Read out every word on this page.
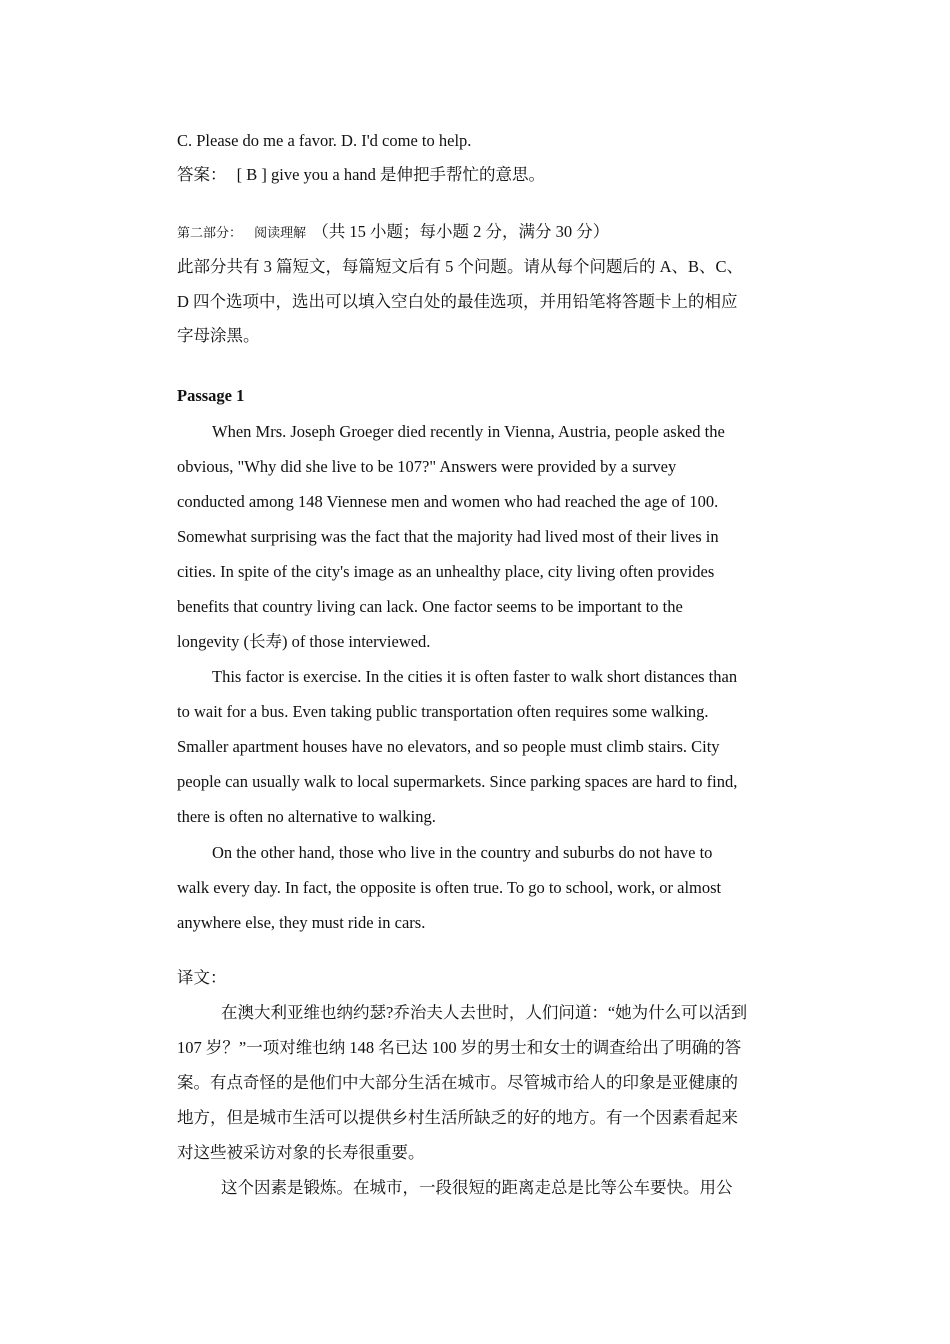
C. Please do me a favor. D. I'd come to help.
答案： [ B ] give you a hand 是伸把手帮忙的意思。
第二部分： 阅读理解 （共 15 小题；每小题 2 分，满分 30 分）
此部分共有 3 篇短文，每篇短文后有 5 个问题。请从每个问题后的 A、B、C、
D 四个选项中，选出可以填入空白处的最佳选项，并用铅笔将答题卡上的相应
字母涂黑。
Passage 1
When Mrs. Joseph Groeger died recently in Vienna, Austria, people asked the
obvious, "Why did she live to be 107?" Answers were provided by a survey
conducted among 148 Viennese men and women who had reached the age of 100.
Somewhat surprising was the fact that the majority had lived most of their lives in
cities. In spite of the city's image as an unhealthy place, city living often provides
benefits that country living can lack. One factor seems to be important to the
longevity (长寿) of those interviewed.
This factor is exercise. In the cities it is often faster to walk short distances than
to wait for a bus. Even taking public transportation often requires some walking.
Smaller apartment houses have no elevators, and so people must climb stairs. City
people can usually walk to local supermarkets. Since parking spaces are hard to find,
there is often no alternative to walking.
On the other hand, those who live in the country and suburbs do not have to
walk every day. In fact, the opposite is often true. To go to school, work, or almost
anywhere else, they must ride in cars.
译文：
在澳大利亚维也纳约瑟?乔治夫人去世时，人们问道：“她为什么可以活到
107 岁？”一项对维也纳 148 名已达 100 岁的男士和女士的调查给出了明确的答
案。有点奇怪的是他们中大部分生活在城市。尽管城市给人的印象是亚健康的
地方，但是城市生活可以提供乡村生活所缺乏的好的地方。有一个因素看起来
对这些被采访对象的长寿很重要。
这个因素是锻炼。在城市，一段很短的距离走总是比等公车要快。用公
